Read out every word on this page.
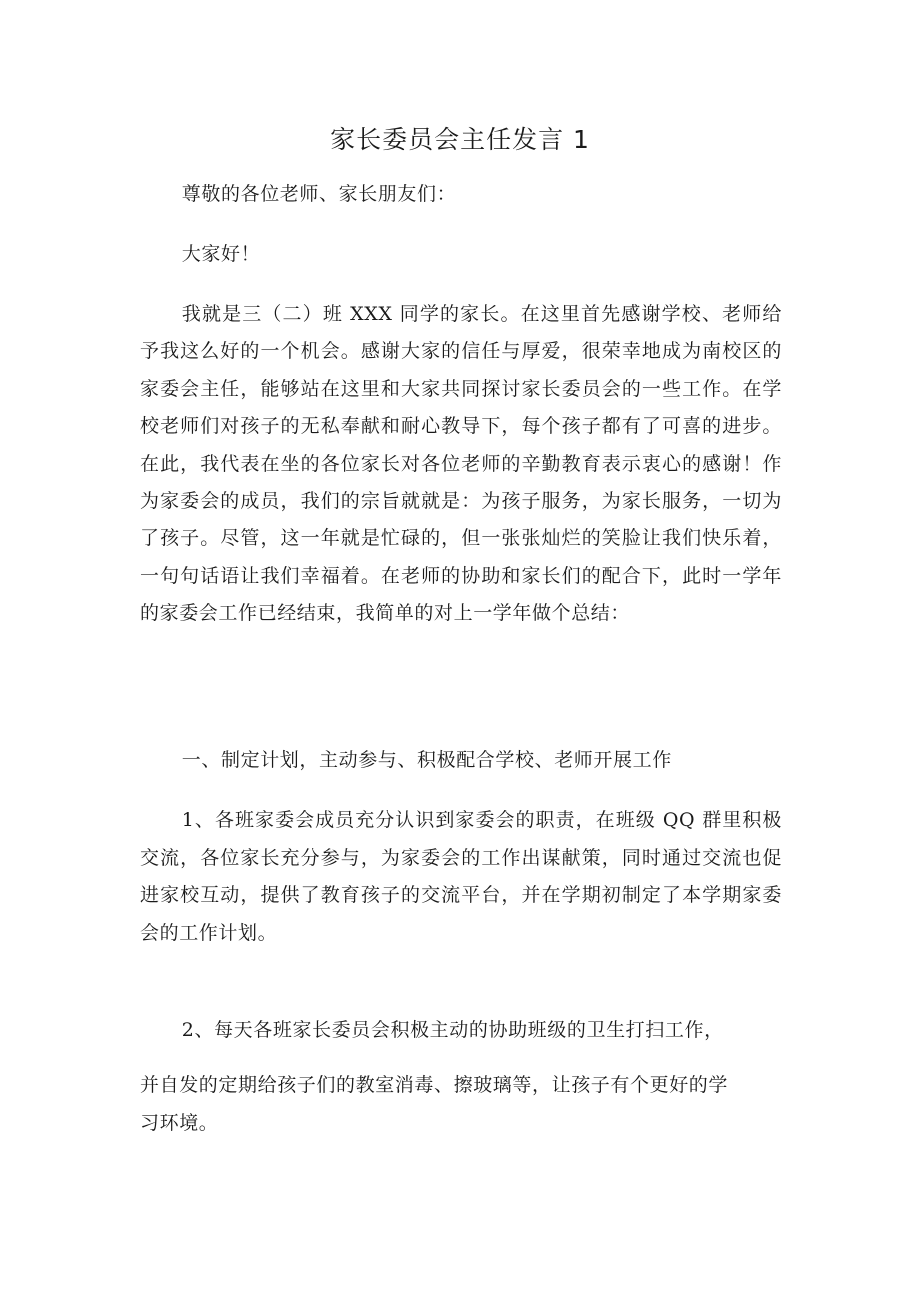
家长委员会主任发言 1

尊敬的各位老师、家长朋友们：

大家好！

我就是三（二）班 XXX 同学的家长。在这里首先感谢学校、老师给予我这么好的一个机会。感谢大家的信任与厚爱，很荣幸地成为南校区的家委会主任，能够站在这里和大家共同探讨家长委员会的一些工作。在学校老师们对孩子的无私奉献和耐心教导下，每个孩子都有了可喜的进步。在此，我代表在坐的各位家长对各位老师的辛勤教育表示衷心的感谢！作为家委会的成员，我们的宗旨就就是：为孩子服务，为家长服务，一切为了孩子。尽管，这一年就是忙碌的，但一张张灿烂的笑脸让我们快乐着，一句句话语让我们幸福着。在老师的协助和家长们的配合下，此时一学年的家委会工作已经结束，我简单的对上一学年做个总结：

一、制定计划，主动参与、积极配合学校、老师开展工作

1、各班家委会成员充分认识到家委会的职责，在班级 QQ 群里积极交流，各位家长充分参与，为家委会的工作出谋献策，同时通过交流也促进家校互动，提供了教育孩子的交流平台，并在学期初制定了本学期家委会的工作计划。

2、每天各班家长委员会积极主动的协助班级的卫生打扫工作，

并自发的定期给孩子们的教室消毒、擦玻璃等，让孩子有个更好的学
习环境。
